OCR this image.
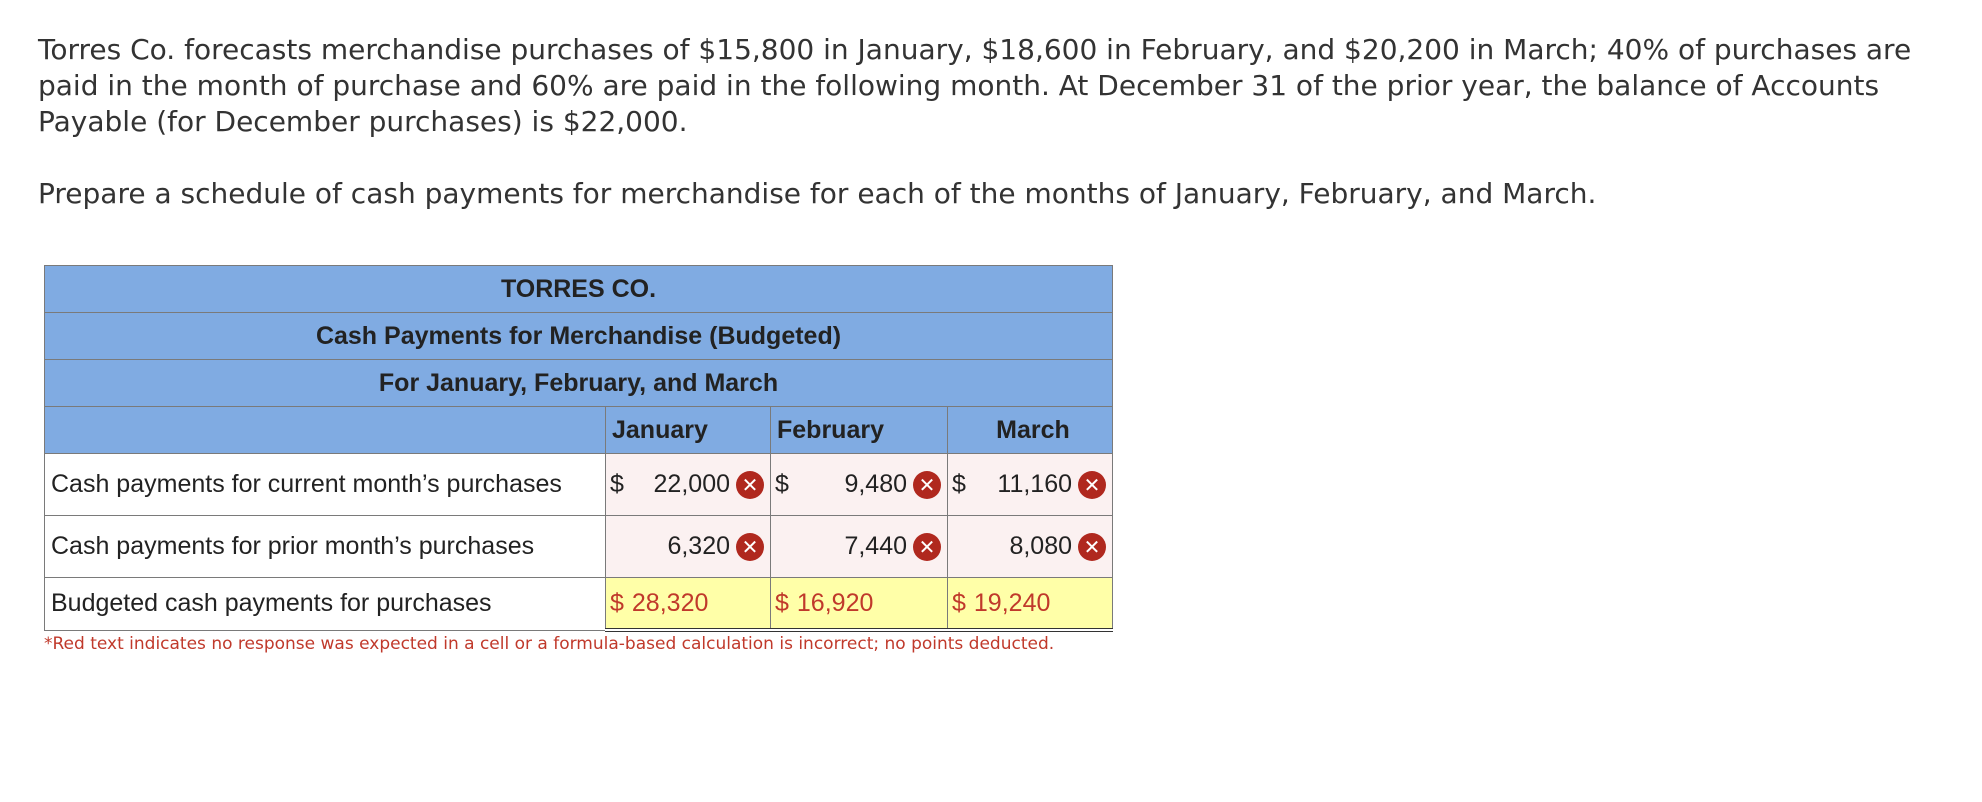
Torres Co. forecasts merchandise purchases of $15,800 in January, $18,600 in February, and $20,200 in March; 40% of purchases are paid in the month of purchase and 60% are paid in the following month. At December 31 of the prior year, the balance of Accounts Payable (for December purchases) is $22,000.

Prepare a schedule of cash payments for merchandise for each of the months of January, February, and March.

TORRES CO.			
Cash Payments for Merchandise (Budgeted)			
For January, February, and March			
	January	February	March
Cash payments for current month’s purchases	$ 22,000 ✕	$ 9,480 ✕	$ 11,160 ✕

Cash payments for prior month’s purchases	6,320 ✕	7,440 ✕	8,080 ✕

Budgeted cash payments for purchases	$ 28,320	$ 16,920	$ 19,240
*Red text indicates no response was expected in a cell or a formula-based calculation is incorrect; no points deducted.
